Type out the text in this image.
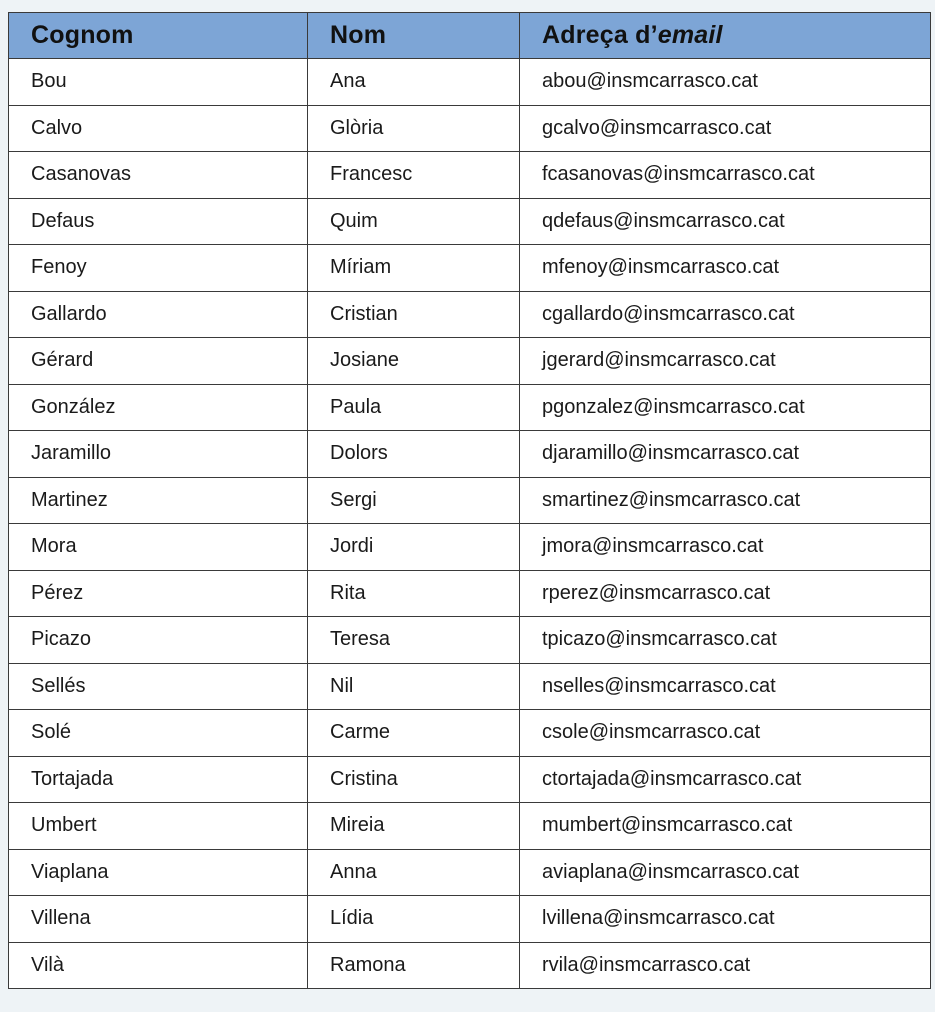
Cognom	Nom	Adreça d’email
Bou	Ana	abou@insmcarrasco.cat
Calvo	Glòria	gcalvo@insmcarrasco.cat
Casanovas	Francesc	fcasanovas@insmcarrasco.cat
Defaus	Quim	qdefaus@insmcarrasco.cat
Fenoy	Míriam	mfenoy@insmcarrasco.cat
Gallardo	Cristian	cgallardo@insmcarrasco.cat
Gérard	Josiane	jgerard@insmcarrasco.cat
González	Paula	pgonzalez@insmcarrasco.cat
Jaramillo	Dolors	djaramillo@insmcarrasco.cat
Martinez	Sergi	smartinez@insmcarrasco.cat
Mora	Jordi	jmora@insmcarrasco.cat
Pérez	Rita	rperez@insmcarrasco.cat
Picazo	Teresa	tpicazo@insmcarrasco.cat
Sellés	Nil	nselles@insmcarrasco.cat
Solé	Carme	csole@insmcarrasco.cat
Tortajada	Cristina	ctortajada@insmcarrasco.cat
Umbert	Mireia	mumbert@insmcarrasco.cat
Viaplana	Anna	aviaplana@insmcarrasco.cat
Villena	Lídia	lvillena@insmcarrasco.cat
Vilà	Ramona	rvila@insmcarrasco.cat
